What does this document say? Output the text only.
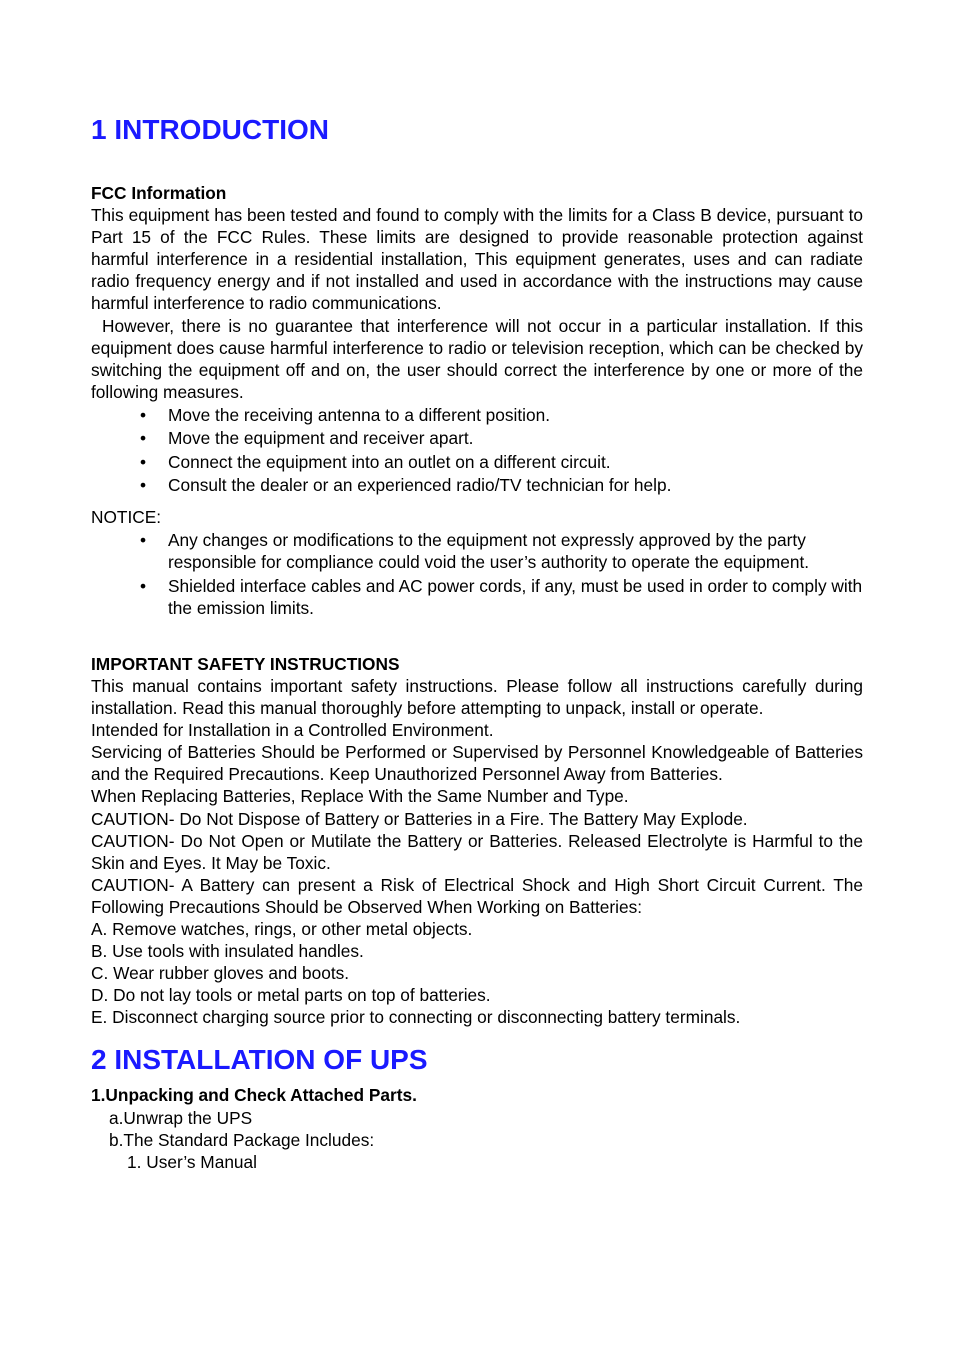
1 INTRODUCTION

FCC Information

This equipment has been tested and found to comply with the limits for a Class B device, pursuant to Part 15 of the FCC Rules. These limits are designed to provide reasonable protection against harmful interference in a residential installation, This equipment generates, uses and can radiate radio frequency energy and if not installed and used in accordance with the instructions may cause harmful interference to radio communications.

However, there is no guarantee that interference will not occur in a particular installation. If this equipment does cause harmful interference to radio or television reception, which can be checked by switching the equipment off and on, the user should correct the interference by one or more of the following measures.

• Move the receiving antenna to a different position.
• Move the equipment and receiver apart.
• Connect the equipment into an outlet on a different circuit.
• Consult the dealer or an experienced radio/TV technician for help.

NOTICE:

• Any changes or modifications to the equipment not expressly approved by the party responsible for compliance could void the user’s authority to operate the equipment.
• Shielded interface cables and AC power cords, if any, must be used in order to comply with the emission limits.

IMPORTANT SAFETY INSTRUCTIONS

This manual contains important safety instructions. Please follow all instructions carefully during installation. Read this manual thoroughly before attempting to unpack, install or operate.

Intended for Installation in a Controlled Environment.

Servicing of Batteries Should be Performed or Supervised by Personnel Knowledgeable of Batteries and the Required Precautions. Keep Unauthorized Personnel Away from Batteries.

When Replacing Batteries, Replace With the Same Number and Type.

CAUTION- Do Not Dispose of Battery or Batteries in a Fire. The Battery May Explode.

CAUTION- Do Not Open or Mutilate the Battery or Batteries. Released Electrolyte is Harmful to the Skin and Eyes. It May be Toxic.

CAUTION- A Battery can present a Risk of Electrical Shock and High Short Circuit Current. The Following Precautions Should be Observed When Working on Batteries:

A. Remove watches, rings, or other metal objects.

B. Use tools with insulated handles.

C. Wear rubber gloves and boots.

D. Do not lay tools or metal parts on top of batteries.

E. Disconnect charging source prior to connecting or disconnecting battery terminals.

2 INSTALLATION OF UPS
1.Unpacking and Check Attached Parts.
a.Unwrap the UPS
b.The Standard Package Includes:
1. User’s Manual
